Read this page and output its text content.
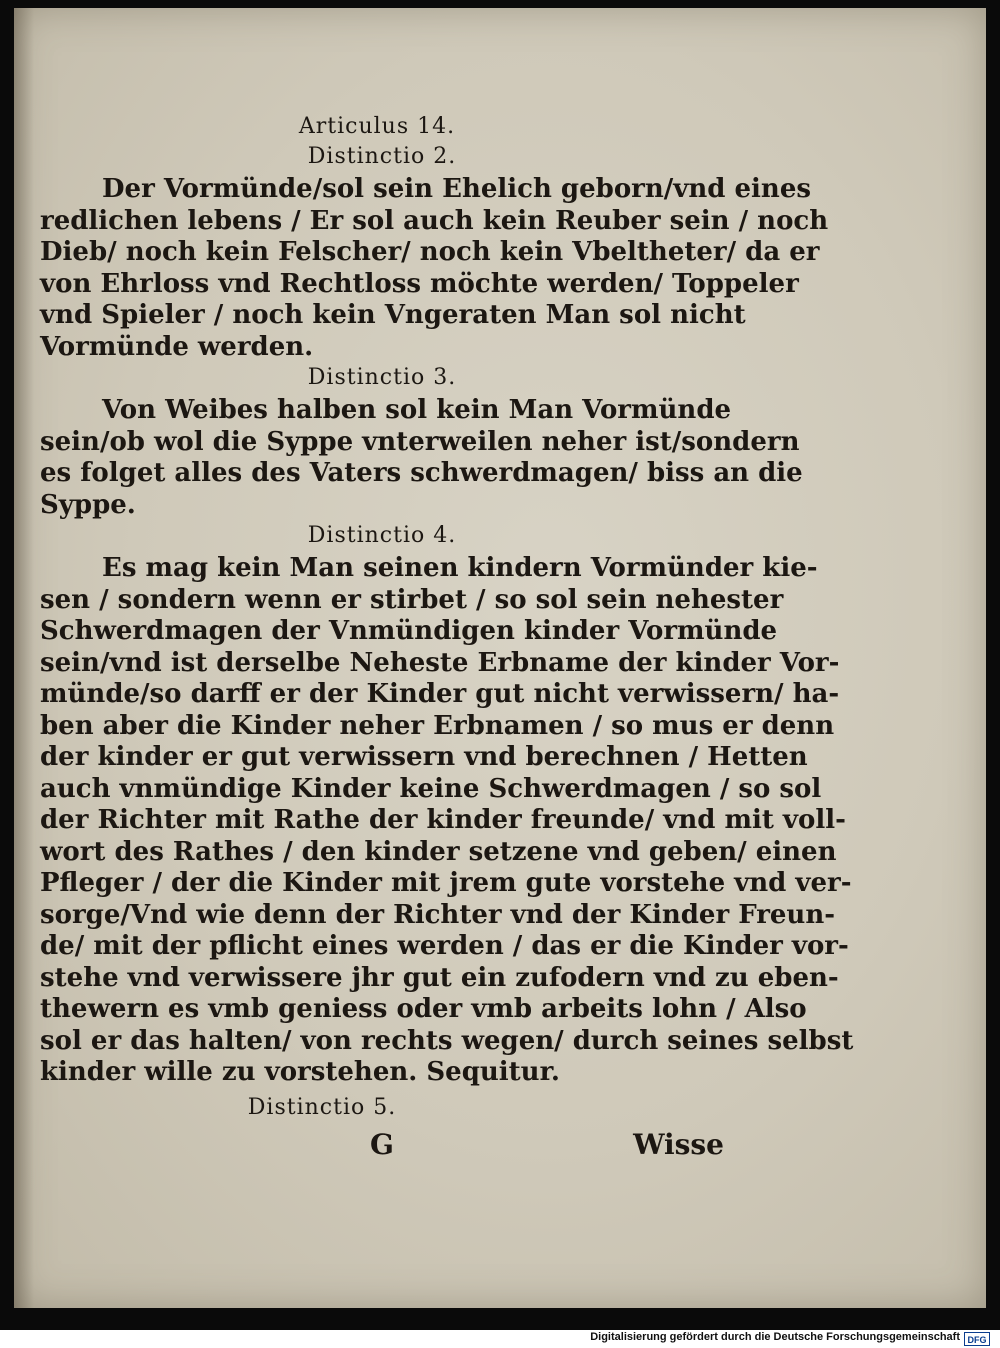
Articulus 14.

Distinctio 2.

Der Vormünde/sol sein Ehelich geborn/vnd eines
redlichen lebens / Er sol auch kein Reuber sein / noch
Dieb/ noch kein Felscher/ noch kein Vbeltheter/ da er
von Ehrloss vnd Rechtloss möchte werden/ Toppeler
vnd Spieler / noch kein Vngeraten Man sol nicht
Vormünde werden.

Distinctio 3.

Von Weibes halben sol kein Man Vormünde
sein/ob wol die Syppe vnterweilen neher ist/sondern
es folget alles des Vaters schwerdmagen/ biss an die
Syppe.

Distinctio 4.

Es mag kein Man seinen kindern Vormünder kie-
sen / sondern wenn er stirbet / so sol sein nehester
Schwerdmagen der Vnmündigen kinder Vormünde
sein/vnd ist derselbe Neheste Erbname der kinder Vor-
münde/so darff er der Kinder gut nicht verwissern/ ha-
ben aber die Kinder neher Erbnamen / so mus er denn
der kinder er gut verwissern vnd berechnen / Hetten
auch vnmündige Kinder keine Schwerdmagen / so sol
der Richter mit Rathe der kinder freunde/ vnd mit voll-
wort des Rathes / den kinder setzene vnd geben/ einen
Pfleger / der die Kinder mit jrem gute vorstehe vnd ver-
sorge/Vnd wie denn der Richter vnd der Kinder Freun-
de/ mit der pflicht eines werden / das er die Kinder vor-
stehe vnd verwissere jhr gut ein zufodern vnd zu eben-
thewern es vmb geniess oder vmb arbeits lohn / Also
sol er das halten/ von rechts wegen/ durch seines selbst
kinder wille zu vorstehen. Sequitur.

Distinctio 5.

G	Wisse
Digitalisierung gefördert durch die Deutsche Forschungsgemeinschaft DFG
